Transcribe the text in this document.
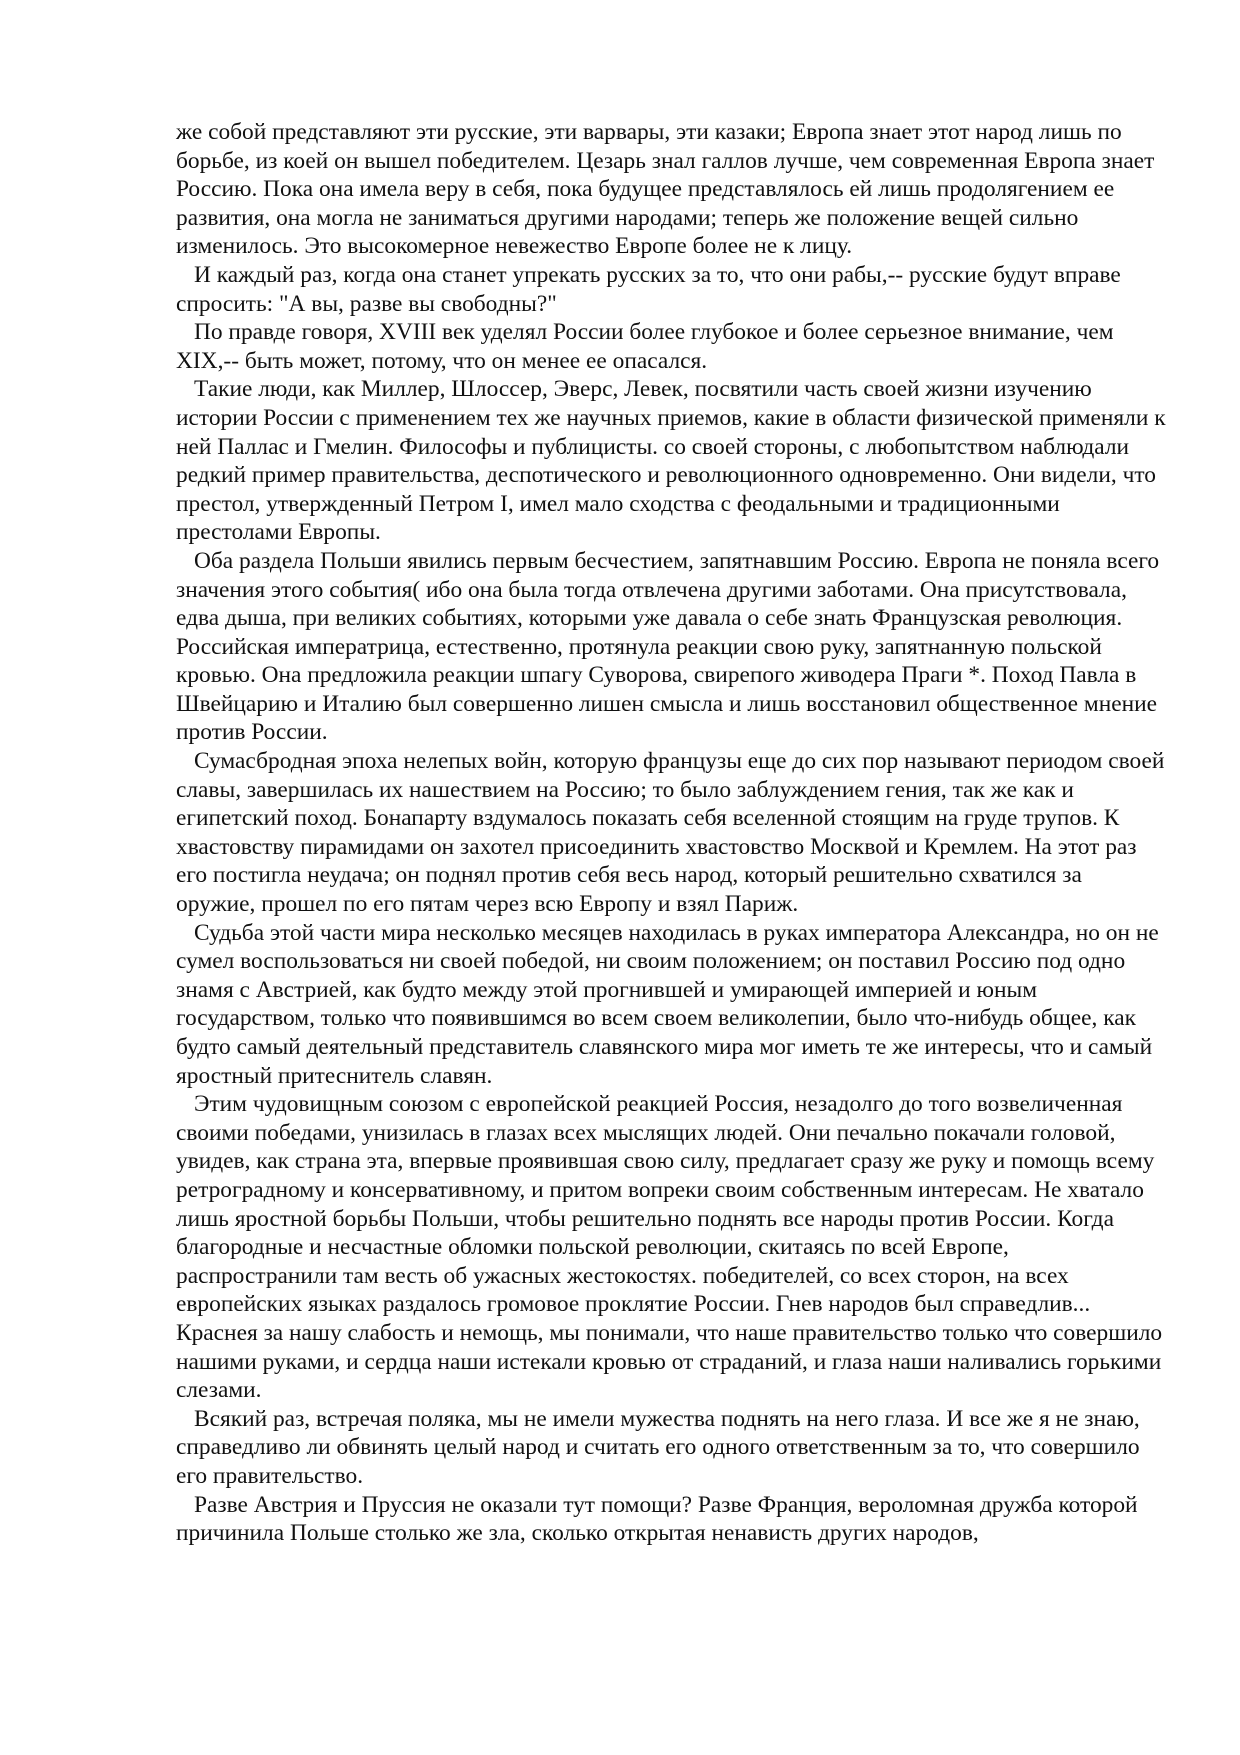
же собой представляют эти русские, эти варвары, эти казаки; Европа знает этот народ лишь по борьбе, из коей он вышел победителем. Цезарь знал галлов лучше, чем современная Европа знает Россию. Пока она имела веру в себя, пока будущее представлялось ей лишь продолягением ее развития, она могла не заниматься другими народами; теперь же положение вещей сильно изменилось. Это высокомерное невежество Европе более не к лицу.

И каждый раз, когда она станет упрекать русских за то, что они рабы,-- русские будут вправе спросить: "А вы, разве вы свободны?"

По правде говоря, XVIII век уделял России более глубокое и более серьезное внимание, чем XIX,-- быть может, потому, что он менее ее опасался.

Такие люди, как Миллер, Шлоссер, Эверс, Левек, посвятили часть своей жизни изучению истории России с применением тех же научных приемов, какие в области физической применяли к ней Паллас и Гмелин. Философы и публицисты. со своей стороны, с любопытством наблюдали редкий пример правительства, деспотического и революционного одновременно. Они видели, что престол, утвержденный Петром I, имел мало сходства с феодальными и традиционными престолами Европы.

Оба раздела Польши явились первым бесчестием, запятнавшим Россию. Европа не поняла всего значения этого события( ибо она была тогда отвлечена другими заботами. Она присутствовала, едва дыша, при великих событиях, которыми уже давала о себе знать Французская революция. Российская императрица, естественно, протянула реакции свою руку, запятнанную польской кровью. Она предложила реакции шпагу Суворова, свирепого живодера Праги *. Поход Павла в Швейцарию и Италию был совершенно лишен смысла и лишь восстановил общественное мнение против России.

Сумасбродная эпоха нелепых войн, которую французы еще до сих пор называют периодом своей славы, завершилась их нашествием на Россию; то было заблуждением гения, так же как и египетский поход. Бонапарту вздумалось показать себя вселенной стоящим на груде трупов. К хвастовству пирамидами он захотел присоединить хвастовство Москвой и Кремлем. На этот раз его постигла неудача; он поднял против себя весь народ, который решительно схватился за оружие, прошел по его пятам через всю Европу и взял Париж.

Судьба этой части мира несколько месяцев находилась в руках императора Александра, но он не сумел воспользоваться ни своей победой, ни своим положением; он поставил Россию под одно знамя с Австрией, как будто между этой прогнившей и умирающей империей и юным государством, только что появившимся во всем своем великолепии, было что-нибудь общее, как будто самый деятельный представитель славянского мира мог иметь те же интересы, что и самый яростный притеснитель славян.

Этим чудовищным союзом с европейской реакцией Россия, незадолго до того возвеличенная своими победами, унизилась в глазах всех мыслящих людей. Они печально покачали головой, увидев, как страна эта, впервые проявившая свою силу, предлагает сразу же руку и помощь всему ретроградному и консервативному, и притом вопреки своим собственным интересам. Не хватало лишь яростной борьбы Польши, чтобы решительно поднять все народы против России. Когда благородные и несчастные обломки польской революции, скитаясь по всей Европе, распространили там весть об ужасных жестокостях. победителей, со всех сторон, на всех европейских языках раздалось громовое проклятие России. Гнев народов был справедлив... Краснея за нашу слабость и немощь, мы понимали, что наше правительство только что совершило нашими руками, и сердца наши истекали кровью от страданий, и глаза наши наливались горькими слезами.

Всякий раз, встречая поляка, мы не имели мужества поднять на него глаза. И все же я не знаю, справедливо ли обвинять целый народ и считать его одного ответственным за то, что совершило его правительство.

Разве Австрия и Пруссия не оказали тут помощи? Разве Франция, вероломная дружба которой причинила Польше столько же зла, сколько открытая ненависть других народов,
